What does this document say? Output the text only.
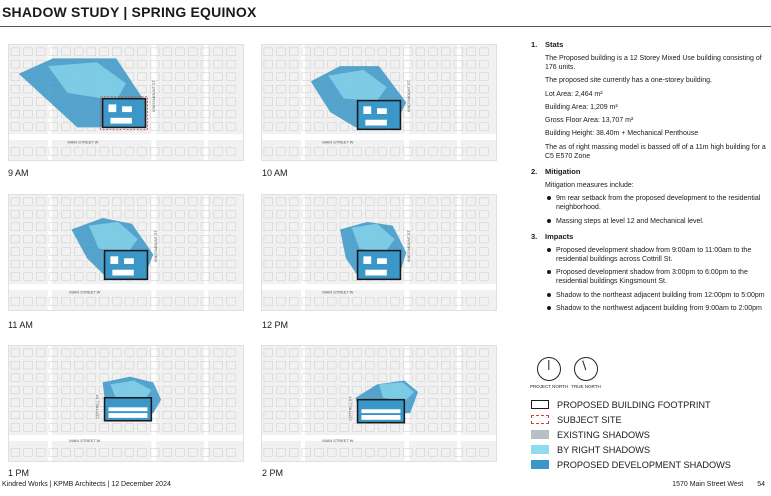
SHADOW STUDY | SPRING EQUINOX
MAIN STREET W
KINGSMOUNT ST
9 AM
MAIN STREET W
KINGSMOUNT ST
10 AM
MAIN STREET W
KINGSMOUNT ST
11 AM
MAIN STREET W
KINGSMOUNT ST
12 PM
MAIN STREET W
COTTRILL ST
1 PM
MAIN STREET W
COTTRILL ST
2 PM
1. Stats
The Proposed building is a 12 Storey Mixed Use building consisting of 176 units.
The proposed site currently has a one-storey building.
Lot Area: 2,464 m²
Building Area: 1,209 m²
Gross Floor Area: 13,707 m²
Building Height: 38.40m + Mechanical Penthouse
The as of right massing model is bassed off of a 11m high building for a C5 E570 Zone
2. Mitigation
Mitigation measures include:
9m rear setback from the proposed development to the residential neighborhood.
Massing steps at level 12 and Mechanical level.
3. Impacts
Proposed development shadow from 9:00am to 11:00am to the residential buildings across Cottrill St.
Proposed development shadow from 3:00pm to 6:00pm to the residential buildings Kingsmount St.
Shadow to the northeast adjacent building from 12:00pm to 5:00pm
Shadow to the northwest adjacent building from 9:00am to 2:00pm
PROJECT NORTH TRUE NORTH
PROPOSED BUILDING FOOTPRINT
SUBJECT SITE
EXISTING SHADOWS
BY RIGHT SHADOWS
PROPOSED DEVELOPMENT SHADOWS
Kindred Works | KPMB Architects | 12 December 2024	1570 Main Street West 54
